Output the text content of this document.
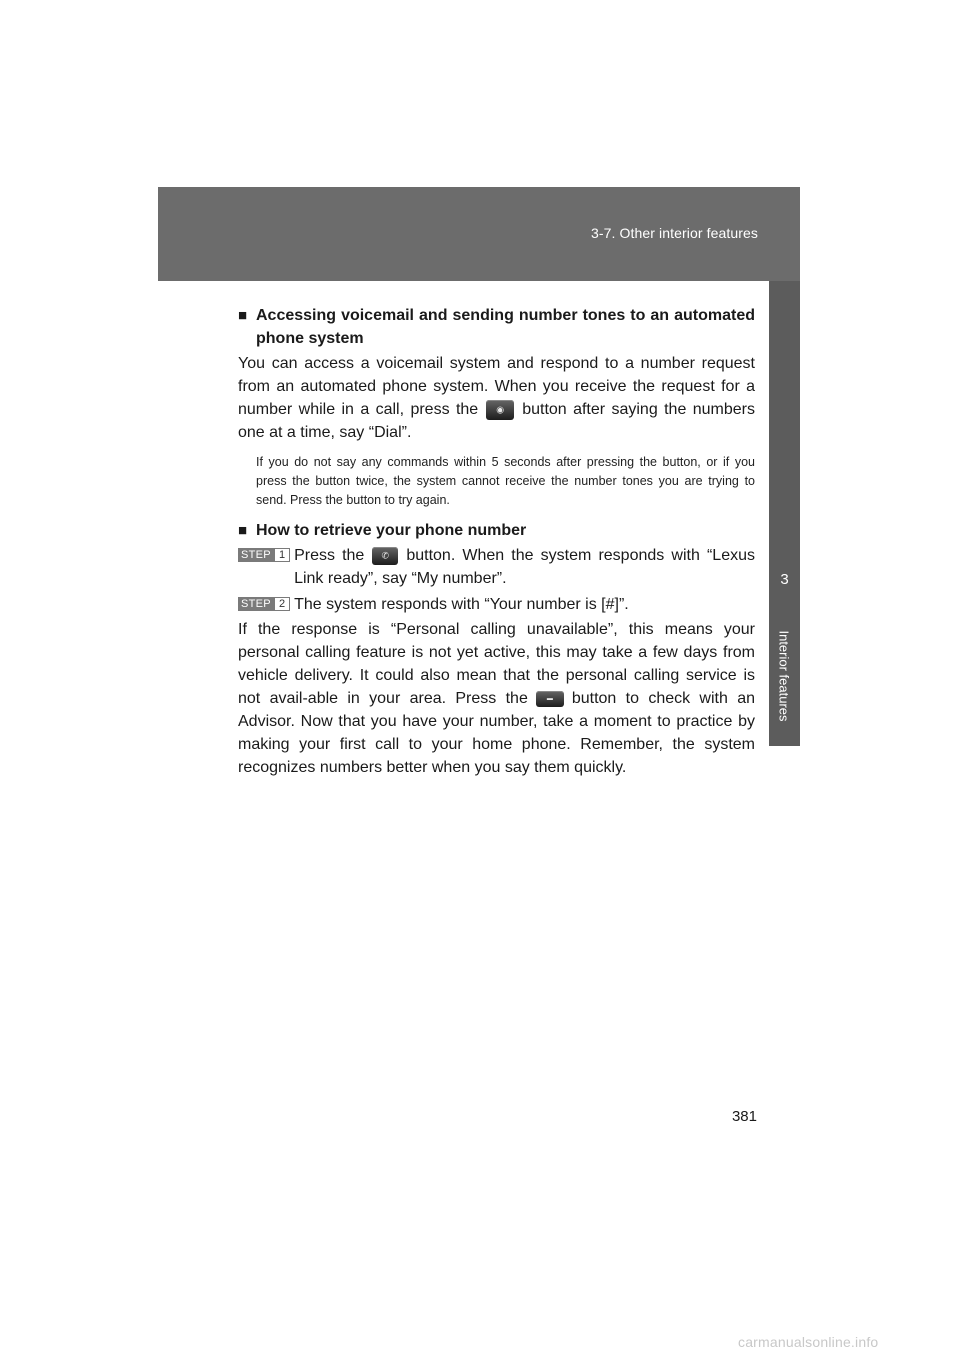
3-7. Other interior features
3
Interior features
■ Accessing voicemail and sending number tones to an automated phone system

You can access a voicemail system and respond to a number request from an automated phone system. When you receive the request for a number while in a call, press the ◉ button after saying the numbers one at a time, say “Dial”.

If you do not say any commands within 5 seconds after pressing the button, or if you press the button twice, the system cannot receive the number tones you are trying to send. Press the button to try again.

■ How to retrieve your phone number
STEP 1 Press the ✆ button. When the system responds with “Lexus Link ready”, say “My number”.
STEP 2 The system responds with “Your number is [#]”.

If the response is “Personal calling unavailable”, this means your personal calling feature is not yet active, this may take a few days from vehicle delivery. It could also mean that the personal calling service is not avail-able in your area. Press the	▬ button to check with an Advisor. Now that you have your number, take a moment to practice by making your first call to your home phone. Remember, the system recognizes numbers better when you say them quickly.

381
carmanualsonline.info
